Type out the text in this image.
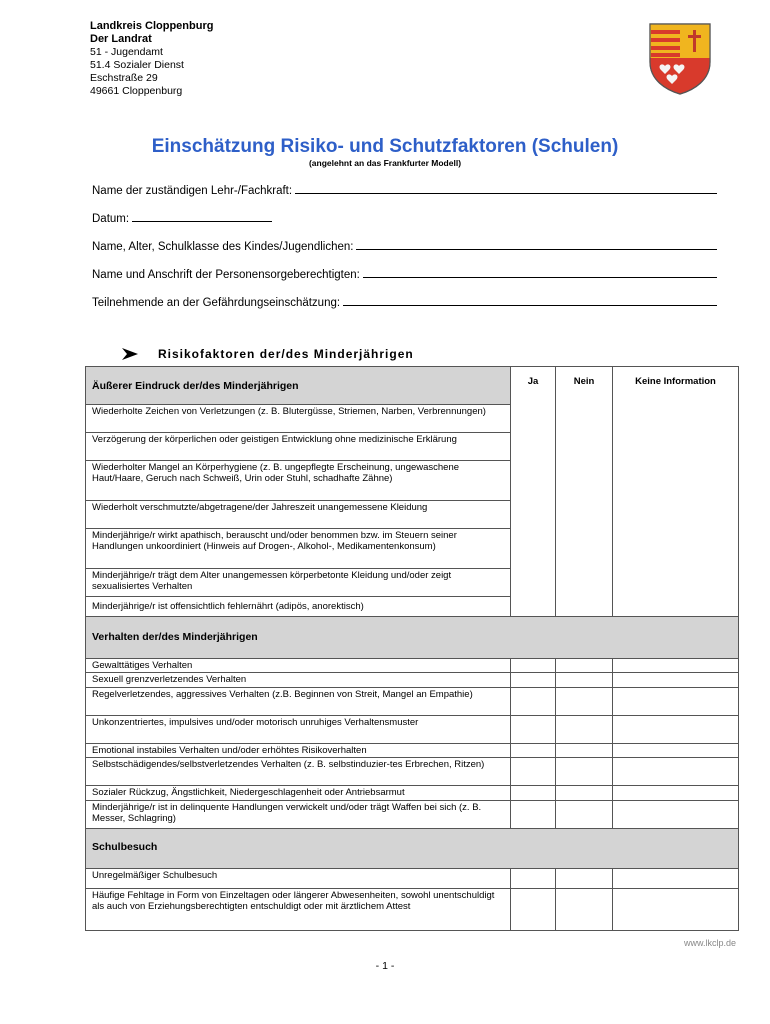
Landkreis Cloppenburg
Der Landrat
51 - Jugendamt
51.4 Sozialer Dienst
Eschstraße 29
49661 Cloppenburg
Einschätzung Risiko- und Schutzfaktoren (Schulen)
(angelehnt an das Frankfurter Modell)
Name der zuständigen Lehr-/Fachkraft:
Datum:
Name, Alter, Schulklasse des Kindes/Jugendlichen:
Name und Anschrift der Personensorgeberechtigten:
Teilnehmende an der Gefährdungseinschätzung:
Risikofaktoren der/des Minderjährigen
Äußerer Eindruck der/des Minderjährigen	Ja	Nein	Keine Information
Wiederholte Zeichen von Verletzungen (z. B. Blutergüsse, Striemen, Narben, Verbrennungen)			
Verzögerung der körperlichen oder geistigen Entwicklung ohne medizinische Erklärung			
Wiederholter Mangel an Körperhygiene (z. B. ungepflegte Erscheinung, ungewaschene Haut/Haare, Geruch nach Schweiß, Urin oder Stuhl, schadhafte Zähne)			
Wiederholt verschmutzte/abgetragene/der Jahreszeit unangemessene Kleidung			
Minderjährige/r wirkt apathisch, berauscht und/oder benommen bzw. im Steuern seiner Handlungen unkoordiniert (Hinweis auf Drogen-, Alkohol-, Medikamentenkonsum)			
Minderjährige/r trägt dem Alter unangemessen körperbetonte Kleidung und/oder zeigt sexualisiertes Verhalten			
Minderjährige/r ist offensichtlich fehlernährt (adipös, anorektisch)			
Verhalten der/des Minderjährigen			
Gewalttätiges Verhalten			
Sexuell grenzverletzendes Verhalten			
Regelverletzendes, aggressives Verhalten (z.B. Beginnen von Streit, Mangel an Empathie)			
Unkonzentriertes, impulsives und/oder motorisch unruhiges Verhaltensmuster			
Emotional instabiles Verhalten und/oder erhöhtes Risikoverhalten			
Selbstschädigendes/selbstverletzendes Verhalten (z. B. selbstinduzier-tes Erbrechen, Ritzen)			
Sozialer Rückzug, Ängstlichkeit, Niedergeschlagenheit oder Antriebsarmut			
Minderjährige/r ist in delinquente Handlungen verwickelt und/oder trägt Waffen bei sich (z. B. Messer, Schlagring)			
Schulbesuch			
Unregelmäßiger Schulbesuch			
Häufige Fehltage in Form von Einzeltagen oder längerer Abwesenheiten, sowohl unentschuldigt als auch von Erziehungsberechtigten entschuldigt oder mit ärztlichem Attest			
www.lkclp.de
- 1 -
